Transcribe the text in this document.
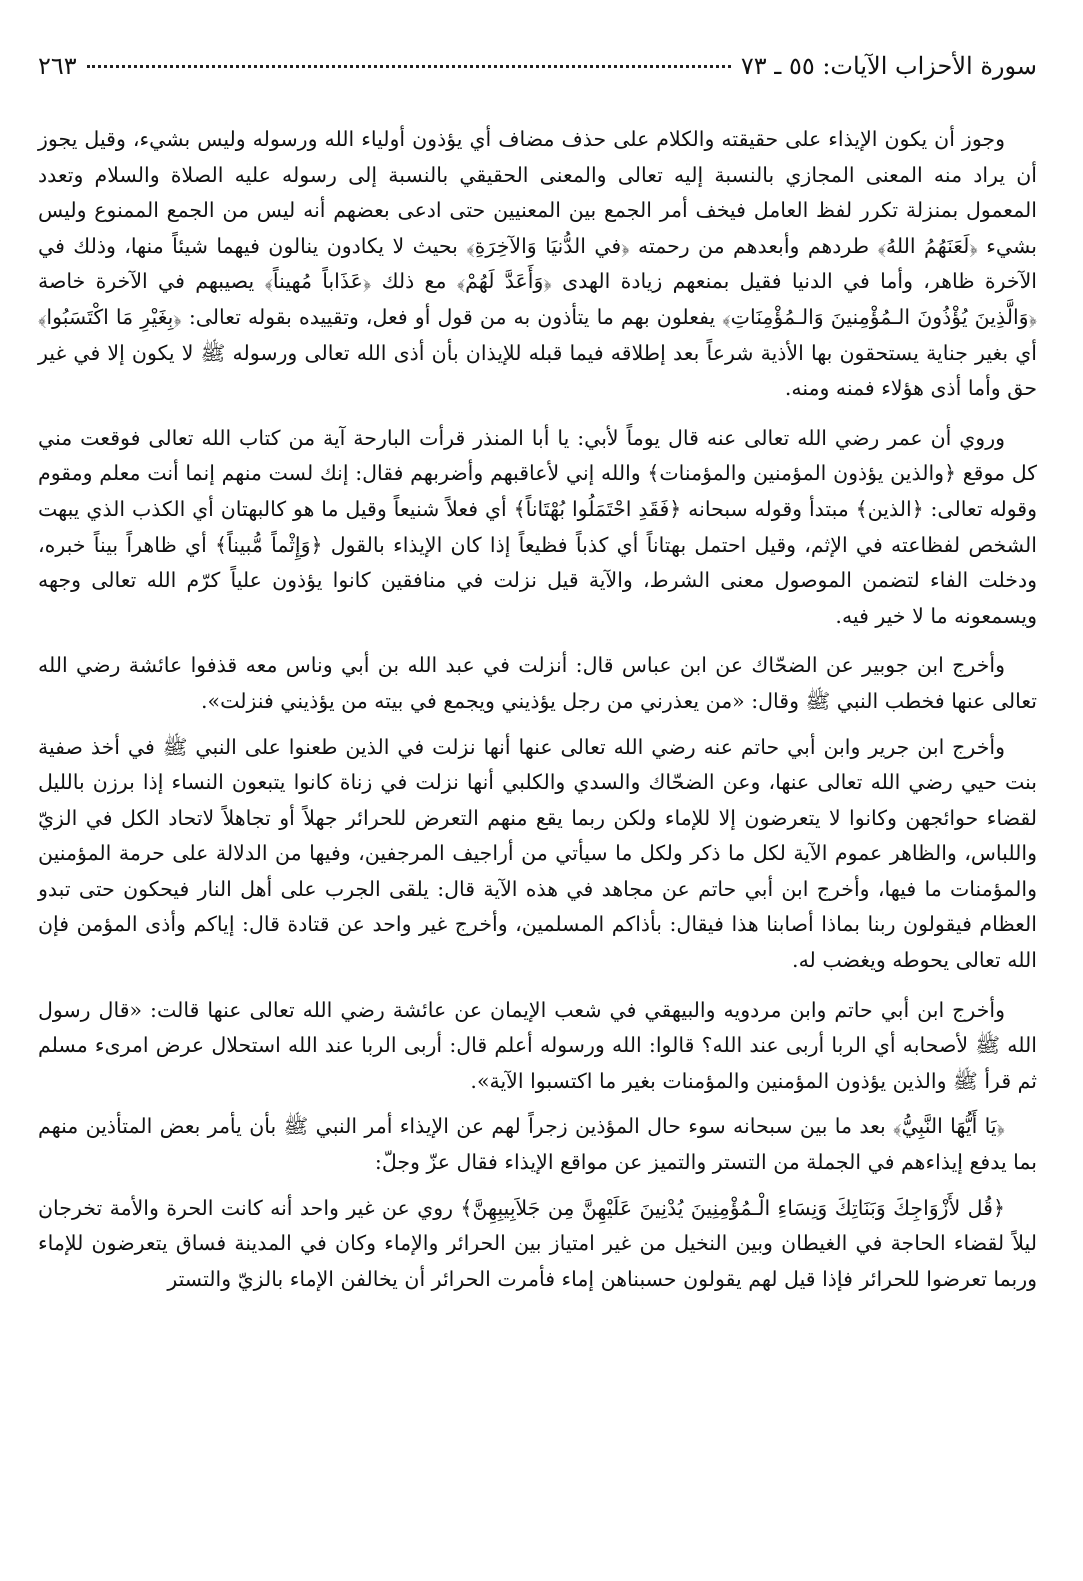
سورة الأحزاب الآيات: ٥٥ ـ ٧٣
٢٦٣

وجوز أن يكون الإيذاء على حقيقته والكلام على حذف مضاف أي يؤذون أولياء الله ورسوله وليس بشيء، وقيل يجوز أن يراد منه المعنى المجازي بالنسبة إليه تعالى والمعنى الحقيقي بالنسبة إلى رسوله عليه الصلاة والسلام وتعدد المعمول بمنزلة تكرر لفظ العامل فيخف أمر الجمع بين المعنيين حتى ادعى بعضهم أنه ليس من الجمع الممنوع وليس بشيء ﴿لَعَنَهُمُ اللهُ﴾ طردهم وأبعدهم من رحمته ﴿في الدُّنيَا وَالآخِرَةِ﴾ بحيث لا يكادون ينالون فيهما شيئاً منها، وذلك في الآخرة ظاهر، وأما في الدنيا فقيل بمنعهم زيادة الهدى ﴿وَأَعَدَّ لَهُمْ﴾ مع ذلك ﴿عَذَاباً مُهيناً﴾ يصيبهم في الآخرة خاصة ﴿وَالَّذِينَ يُؤْذُونَ الـمُؤْمِنينَ وَالـمُؤْمِنَاتِ﴾ يفعلون بهم ما يتأذون به من قول أو فعل، وتقييده بقوله تعالى: ﴿بِغَيْرِ مَا اكْتَسَبُوا﴾ أي بغير جناية يستحقون بها الأذية شرعاً بعد إطلاقه فيما قبله للإيذان بأن أذى الله تعالى ورسوله ﷺ لا يكون إلا في غير حق وأما أذى هؤلاء فمنه ومنه.

وروي أن عمر رضي الله تعالى عنه قال يوماً لأبي: يا أبا المنذر قرأت البارحة آية من كتاب الله تعالى فوقعت مني كل موقع ﴿والذين يؤذون المؤمنين والمؤمنات﴾ والله إني لأعاقبهم وأضربهم فقال: إنك لست منهم إنما أنت معلم ومقوم وقوله تعالى: ﴿الذين﴾ مبتدأ وقوله سبحانه ﴿فَقَدِ احْتَمَلُوا بُهْتَاناً﴾ أي فعلاً شنيعاً وقيل ما هو كالبهتان أي الكذب الذي يبهت الشخص لفظاعته في الإثم، وقيل احتمل بهتاناً أي كذباً فظيعاً إذا كان الإيذاء بالقول ﴿وَإِثْماً مُّبيناً﴾ أي ظاهراً بيناً خبره، ودخلت الفاء لتضمن الموصول معنى الشرط، والآية قيل نزلت في منافقين كانوا يؤذون علياً كرّم الله تعالى وجهه ويسمعونه ما لا خير فيه.

وأخرج ابن جوبير عن الضحّاك عن ابن عباس قال: أنزلت في عبد الله بن أبي وناس معه قذفوا عائشة رضي الله تعالى عنها فخطب النبي ﷺ وقال: «من يعذرني من رجل يؤذيني ويجمع في بيته من يؤذيني فنزلت».

وأخرج ابن جرير وابن أبي حاتم عنه رضي الله تعالى عنها أنها نزلت في الذين طعنوا على النبي ﷺ في أخذ صفية بنت حيي رضي الله تعالى عنها، وعن الضحّاك والسدي والكلبي أنها نزلت في زناة كانوا يتبعون النساء إذا برزن بالليل لقضاء حوائجهن وكانوا لا يتعرضون إلا للإماء ولكن ربما يقع منهم التعرض للحرائر جهلاً أو تجاهلاً لاتحاد الكل في الزيّ واللباس، والظاهر عموم الآية لكل ما ذكر ولكل ما سيأتي من أراجيف المرجفين، وفيها من الدلالة على حرمة المؤمنين والمؤمنات ما فيها، وأخرج ابن أبي حاتم عن مجاهد في هذه الآية قال: يلقى الجرب على أهل النار فيحكون حتى تبدو العظام فيقولون ربنا بماذا أصابنا هذا فيقال: بأذاكم المسلمين، وأخرج غير واحد عن قتادة قال: إياكم وأذى المؤمن فإن الله تعالى يحوطه ويغضب له.

وأخرج ابن أبي حاتم وابن مردويه والبيهقي في شعب الإيمان عن عائشة رضي الله تعالى عنها قالت: «قال رسول الله ﷺ لأصحابه أي الربا أربى عند الله؟ قالوا: الله ورسوله أعلم قال: أربى الربا عند الله استحلال عرض امرىء مسلم ثم قرأ ﷺ والذين يؤذون المؤمنين والمؤمنات بغير ما اكتسبوا الآية».

﴿يَا أَيُّهَا النَّبِيُّ﴾ بعد ما بين سبحانه سوء حال المؤذين زجراً لهم عن الإيذاء أمر النبي ﷺ بأن يأمر بعض المتأذين منهم بما يدفع إيذاءهم في الجملة من التستر والتميز عن مواقع الإيذاء فقال عزّ وجلّ:

﴿قُل لأَزْوَاجِكَ وَبَنَاتِكَ وَنِسَاءِ الْـمُؤْمِنِينَ يُدْنِينَ عَلَيْهِنَّ مِن جَلاَبِيبِهِنَّ﴾ روي عن غير واحد أنه كانت الحرة والأمة تخرجان ليلاً لقضاء الحاجة في الغيطان وبين النخيل من غير امتياز بين الحرائر والإماء وكان في المدينة فساق يتعرضون للإماء وربما تعرضوا للحرائر فإذا قيل لهم يقولون حسبناهن إماء فأمرت الحرائر أن يخالفن الإماء بالزيّ والتستر
